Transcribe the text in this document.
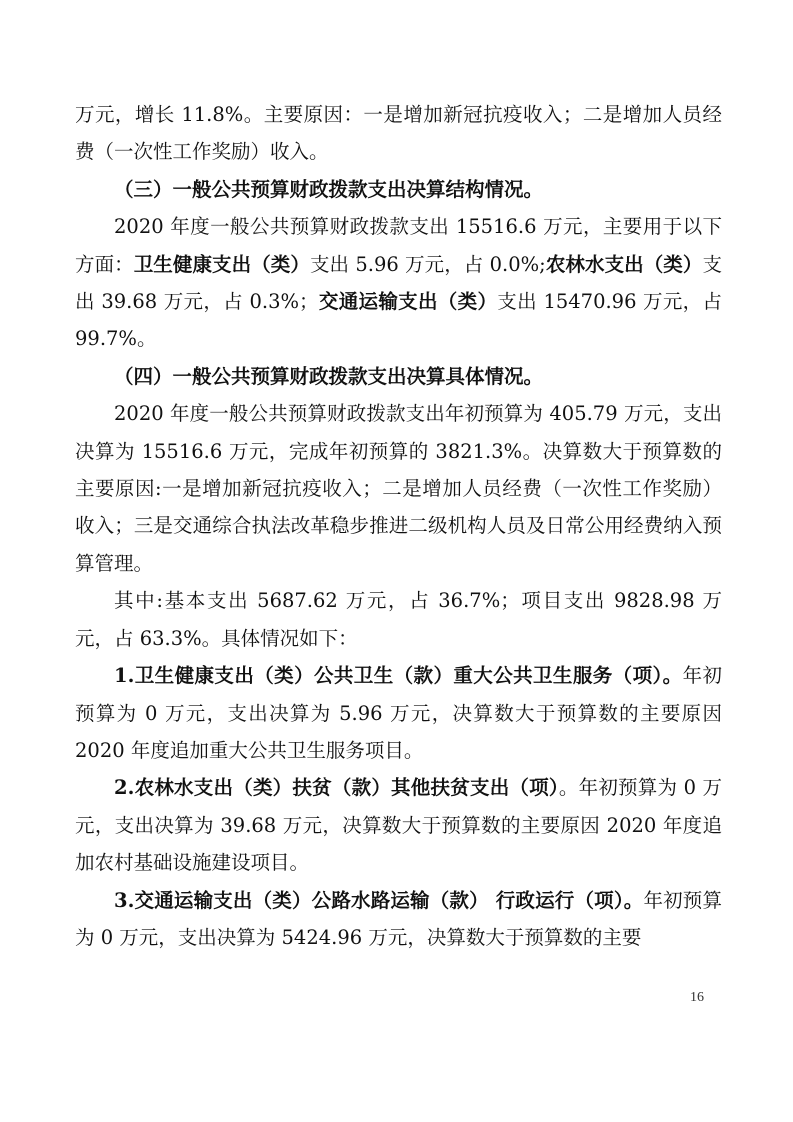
万元，增长 11.8%。主要原因：一是增加新冠抗疫收入；二是增加人员经费（一次性工作奖励）收入。

（三）一般公共预算财政拨款支出决算结构情况。

2020 年度一般公共预算财政拨款支出 15516.6 万元，主要用于以下方面：卫生健康支出（类）支出 5.96 万元，占 0.0%;农林水支出（类）支出 39.68 万元，占 0.3%；交通运输支出（类）支出 15470.96 万元，占 99.7%。

（四）一般公共预算财政拨款支出决算具体情况。

2020 年度一般公共预算财政拨款支出年初预算为 405.79 万元，支出决算为 15516.6 万元，完成年初预算的 3821.3%。决算数大于预算数的主要原因:一是增加新冠抗疫收入；二是增加人员经费（一次性工作奖励）收入；三是交通综合执法改革稳步推进二级机构人员及日常公用经费纳入预算管理。

其中:基本支出 5687.62 万元，占 36.7%；项目支出 9828.98 万元，占 63.3%。具体情况如下：

1.卫生健康支出（类）公共卫生（款）重大公共卫生服务（项）。年初预算为 0 万元，支出决算为 5.96 万元，决算数大于预算数的主要原因 2020 年度追加重大公共卫生服务项目。

2.农林水支出（类）扶贫（款）其他扶贫支出（项）。年初预算为 0 万元，支出决算为 39.68 万元，决算数大于预算数的主要原因 2020 年度追加农村基础设施建设项目。

3.交通运输支出（类）公路水路运输（款） 行政运行（项）。年初预算为 0 万元，支出决算为 5424.96 万元，决算数大于预算数的主要

16
